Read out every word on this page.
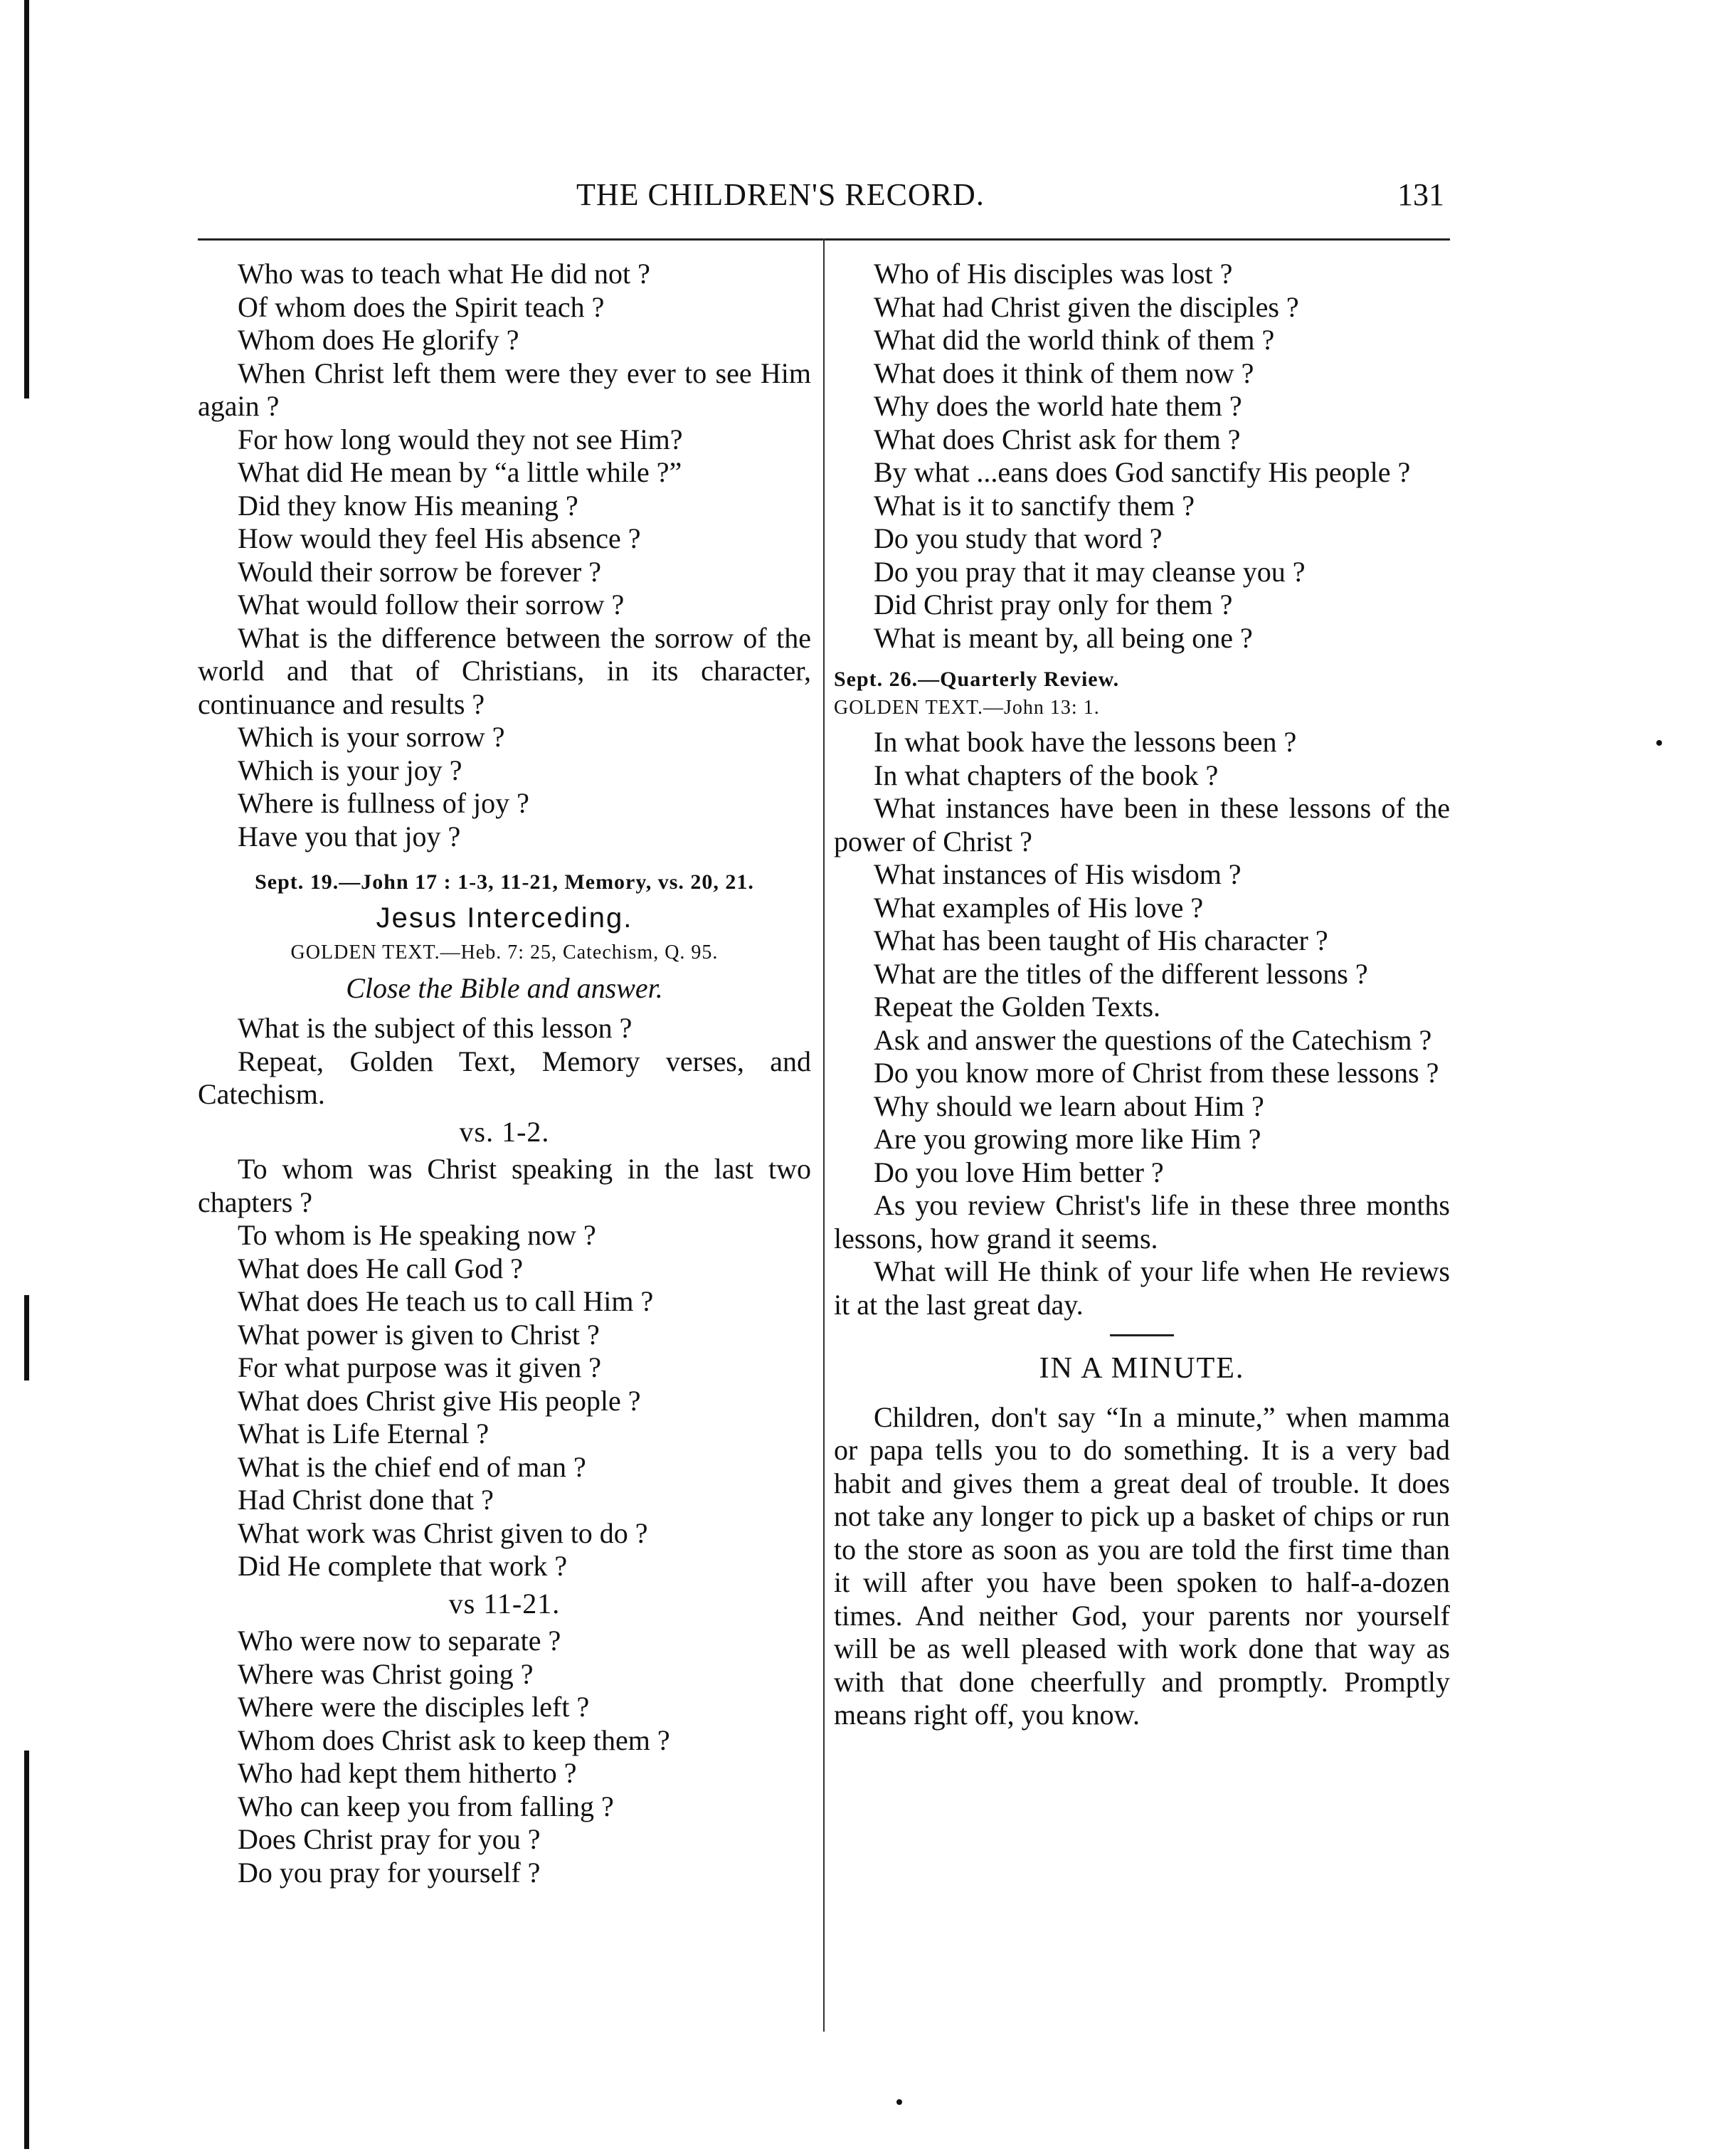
THE CHILDREN'S RECORD.	131

Who was to teach what He did not ?

Of whom does the Spirit teach ?

Whom does He glorify ?

When Christ left them were they ever to see Him again ?

For how long would they not see Him?

What did He mean by “a little while ?”

Did they know His meaning ?

How would they feel His absence ?

Would their sorrow be forever ?

What would follow their sorrow ?

What is the difference between the sorrow of the world and that of Christians, in its character, continuance and results ?

Which is your sorrow ?

Which is your joy ?

Where is fullness of joy ?

Have you that joy ?

Sept. 19.—John 17 : 1-3, 11-21, Memory, vs. 20, 21.
Jesus Interceding.
GOLDEN TEXT.—Heb. 7: 25, Catechism, Q. 95.
Close the Bible and answer.

What is the subject of this lesson ?

Repeat, Golden Text, Memory verses, and Catechism.

vs. 1-2.

To whom was Christ speaking in the last two chapters ?

To whom is He speaking now ?

What does He call God ?

What does He teach us to call Him ?

What power is given to Christ ?

For what purpose was it given ?

What does Christ give His people ?

What is Life Eternal ?

What is the chief end of man ?

Had Christ done that ?

What work was Christ given to do ?

Did He complete that work ?

vs 11-21.

Who were now to separate ?

Where was Christ going ?

Where were the disciples left ?

Whom does Christ ask to keep them ?

Who had kept them hitherto ?

Who can keep you from falling ?

Does Christ pray for you ?

Do you pray for yourself ?

Who of His disciples was lost ?

What had Christ given the disciples ?

What did the world think of them ?

What does it think of them now ?

Why does the world hate them ?

What does Christ ask for them ?

By what ...eans does God sanctify His people ?

What is it to sanctify them ?

Do you study that word ?

Do you pray that it may cleanse you ?

Did Christ pray only for them ?

What is meant by, all being one ?

Sept. 26.—Quarterly Review.
GOLDEN TEXT.—John 13: 1.

In what book have the lessons been ?

In what chapters of the book ?

What instances have been in these lessons of the power of Christ ?

What instances of His wisdom ?

What examples of His love ?

What has been taught of His character ?

What are the titles of the different lessons ?

Repeat the Golden Texts.

Ask and answer the questions of the Catechism ?

Do you know more of Christ from these lessons ?

Why should we learn about Him ?

Are you growing more like Him ?

Do you love Him better ?

As you review Christ's life in these three months lessons, how grand it seems.

What will He think of your life when He reviews it at the last great day.

IN A MINUTE.

Children, don't say “In a minute,” when mamma or papa tells you to do something. It is a very bad habit and gives them a great deal of trouble. It does not take any longer to pick up a basket of chips or run to the store as soon as you are told the first time than it will after you have been spoken to half-a-dozen times. And neither God, your parents nor yourself will be as well pleased with work done that way as with that done cheerfully and promptly. Promptly means right off, you know.
